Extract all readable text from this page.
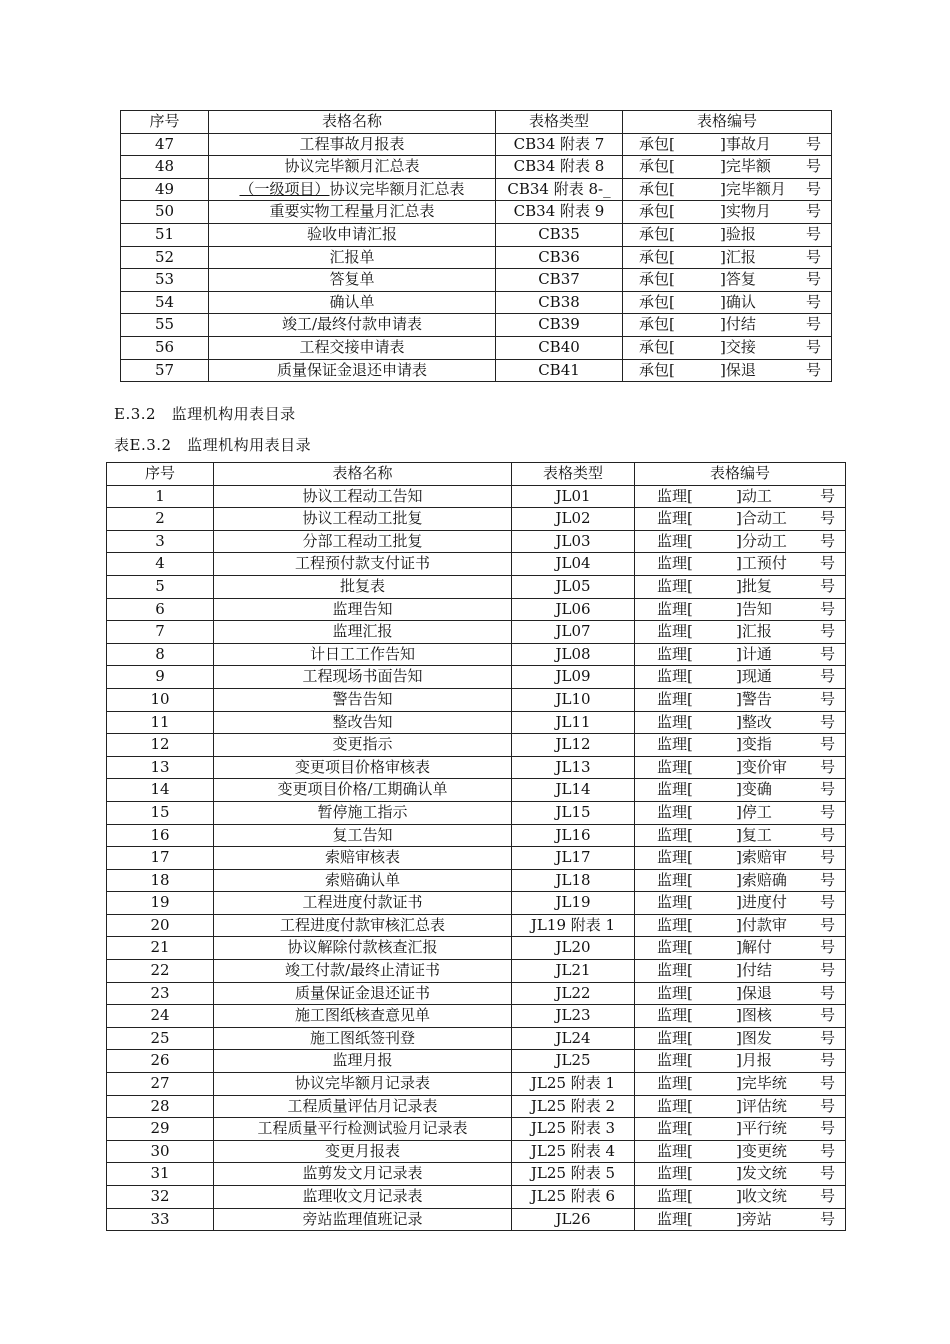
序号	表格名称	表格类型	表格编号
47	工程事故月报表	CB34 附表 7	承包[ ]事故月 号

48	协议完毕额月汇总表	CB34 附表 8	承包[ ]完毕额 号

49	（一级项目）协议完毕额月汇总表	CB34 附表 8-_	承包[ ]完毕额月 号

50	重要实物工程量月汇总表	CB34 附表 9	承包[ ]实物月 号

51	验收申请汇报	CB35	承包[ ]验报 号

52	汇报单	CB36	承包[ ]汇报 号

53	答复单	CB37	承包[ ]答复 号

54	确认单	CB38	承包[ ]确认 号

55	竣工/最终付款申请表	CB39	承包[ ]付结 号

56	工程交接申请表	CB40	承包[ ]交接 号

57	质量保证金退还申请表	CB41	承包[ ]保退 号
E.3.2　监理机构用表目录
表E.3.2　监理机构用表目录
序号	表格名称	表格类型	表格编号
1	协议工程动工告知	JL01	监理[ ]动工 号

2	协议工程动工批复	JL02	监理[ ]合动工 号

3	分部工程动工批复	JL03	监理[ ]分动工 号

4	工程预付款支付证书	JL04	监理[ ]工预付 号

5	批复表	JL05	监理[ ]批复 号

6	监理告知	JL06	监理[ ]告知 号

7	监理汇报	JL07	监理[ ]汇报 号

8	计日工工作告知	JL08	监理[ ]计通 号

9	工程现场书面告知	JL09	监理[ ]现通 号

10	警告告知	JL10	监理[ ]警告 号

11	整改告知	JL11	监理[ ]整改 号

12	变更指示	JL12	监理[ ]变指 号

13	变更项目价格审核表	JL13	监理[ ]变价审 号

14	变更项目价格/工期确认单	JL14	监理[ ]变确 号

15	暂停施工指示	JL15	监理[ ]停工 号

16	复工告知	JL16	监理[ ]复工 号

17	索赔审核表	JL17	监理[ ]索赔审 号

18	索赔确认单	JL18	监理[ ]索赔确 号

19	工程进度付款证书	JL19	监理[ ]进度付 号

20	工程进度付款审核汇总表	JL19 附表 1	监理[ ]付款审 号

21	协议解除付款核查汇报	JL20	监理[ ]解付 号

22	竣工付款/最终止清证书	JL21	监理[ ]付结 号

23	质量保证金退还证书	JL22	监理[ ]保退 号

24	施工图纸核查意见单	JL23	监理[ ]图核 号

25	施工图纸签刊登	JL24	监理[ ]图发 号

26	监理月报	JL25	监理[ ]月报 号

27	协议完毕额月记录表	JL25 附表 1	监理[ ]完毕统 号

28	工程质量评估月记录表	JL25 附表 2	监理[ ]评估统 号

29	工程质量平行检测试验月记录表	JL25 附表 3	监理[ ]平行统 号

30	变更月报表	JL25 附表 4	监理[ ]变更统 号

31	监剪发文月记录表	JL25 附表 5	监理[ ]发文统 号

32	监理收文月记录表	JL25 附表 6	监理[ ]收文统 号

33	旁站监理值班记录	JL26	监理[ ]旁站 号
